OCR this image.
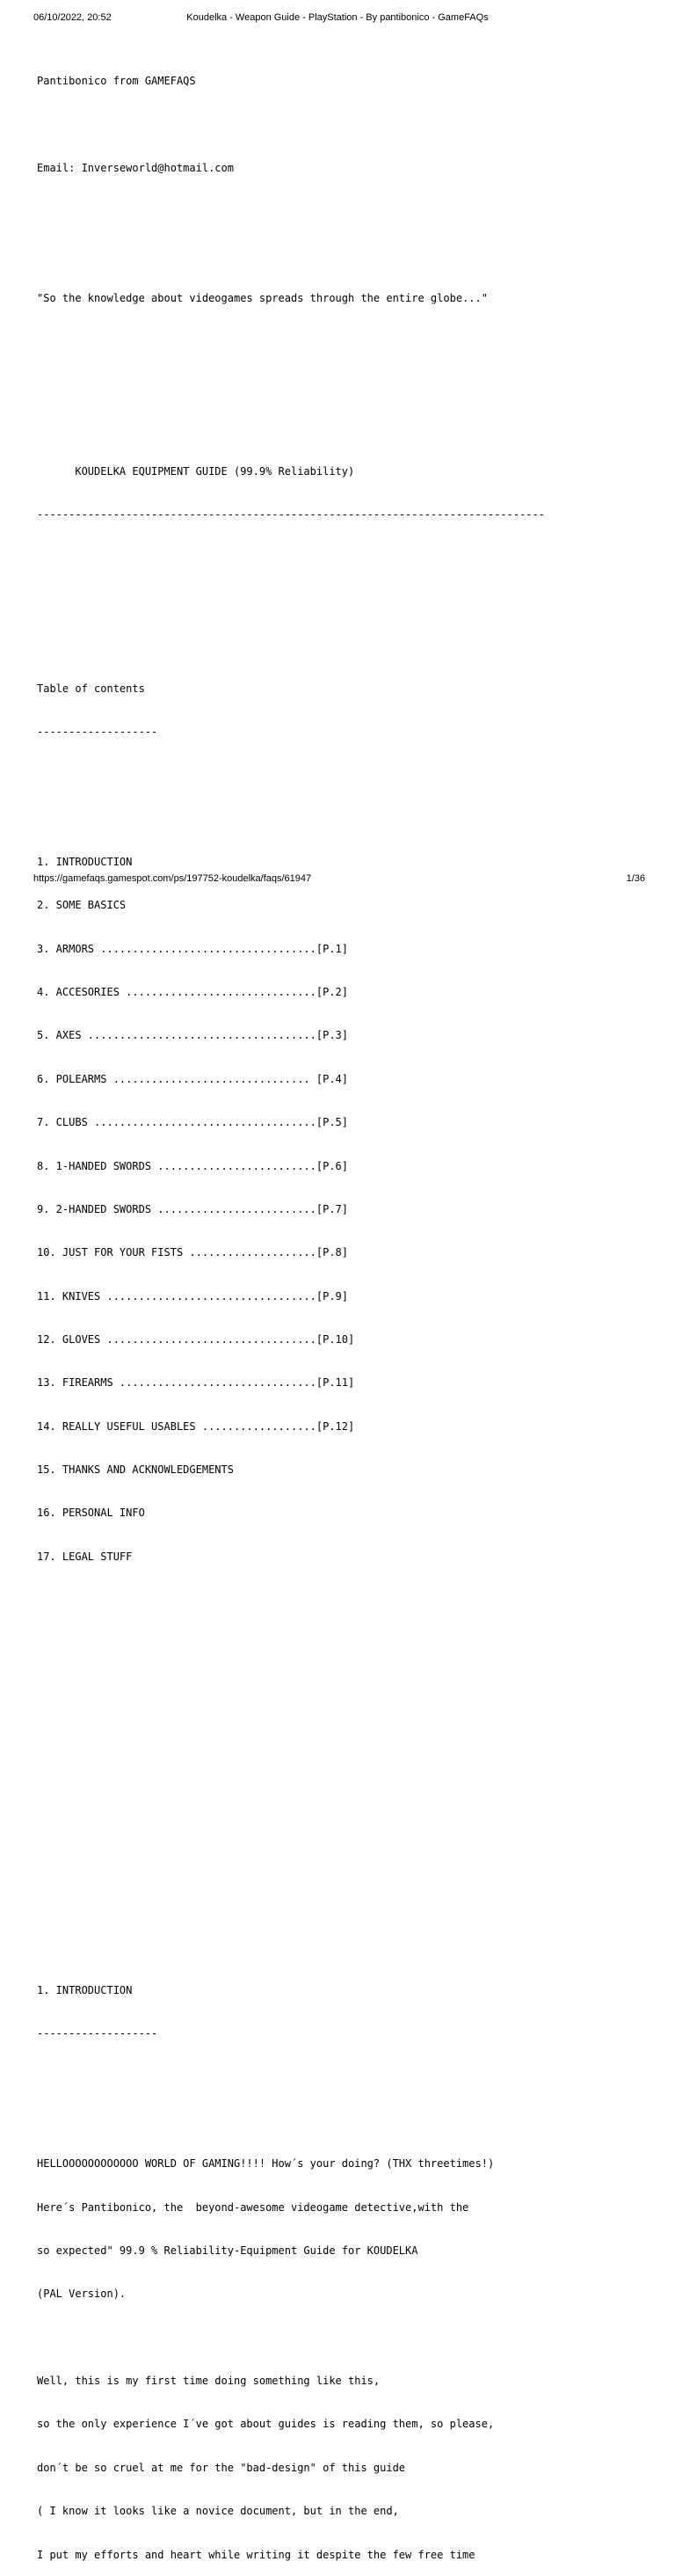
06/10/2022, 20:52	Koudelka - Weapon Guide - PlayStation - By pantibonico - GameFAQs

Pantibonico from GAMEFAQS

Email: Inverseworld@hotmail.com

"So the knowledge about videogames spreads through the entire globe..."

KOUDELKA EQUIPMENT GUIDE (99.9% Reliability)

--------------------------------------------------------------------------------

Table of contents

-------------------

1. INTRODUCTION

2. SOME BASICS

3. ARMORS ..................................[P.1]

4. ACCESORIES ..............................[P.2]

5. AXES ....................................[P.3]

6. POLEARMS ............................... [P.4]

7. CLUBS ...................................[P.5]

8. 1-HANDED SWORDS .........................[P.6]

9. 2-HANDED SWORDS .........................[P.7]

10. JUST FOR YOUR FISTS ....................[P.8]

11. KNIVES .................................[P.9]

12. GLOVES .................................[P.10]

13. FIREARMS ...............................[P.11]

14. REALLY USEFUL USABLES ..................[P.12]

15. THANKS AND ACKNOWLEDGEMENTS

16. PERSONAL INFO

17. LEGAL STUFF

1. INTRODUCTION

-------------------

HELLOOOOOOOOOOOO WORLD OF GAMING!!!! How´s your doing? (THX threetimes!)

Here´s Pantibonico, the  beyond-awesome videogame detective,with the

so expected" 99.9 % Reliability-Equipment Guide for KOUDELKA

(PAL Version).

Well, this is my first time doing something like this,

so the only experience I´ve got about guides is reading them, so please,

don´t be so cruel at me for the "bad-design" of this guide

( I know it looks like a novice document, but in the end,

I put my efforts and heart while writing it despite the few free time

https://gamefaqs.gamespot.com/ps/197752-koudelka/faqs/61947	1/36
